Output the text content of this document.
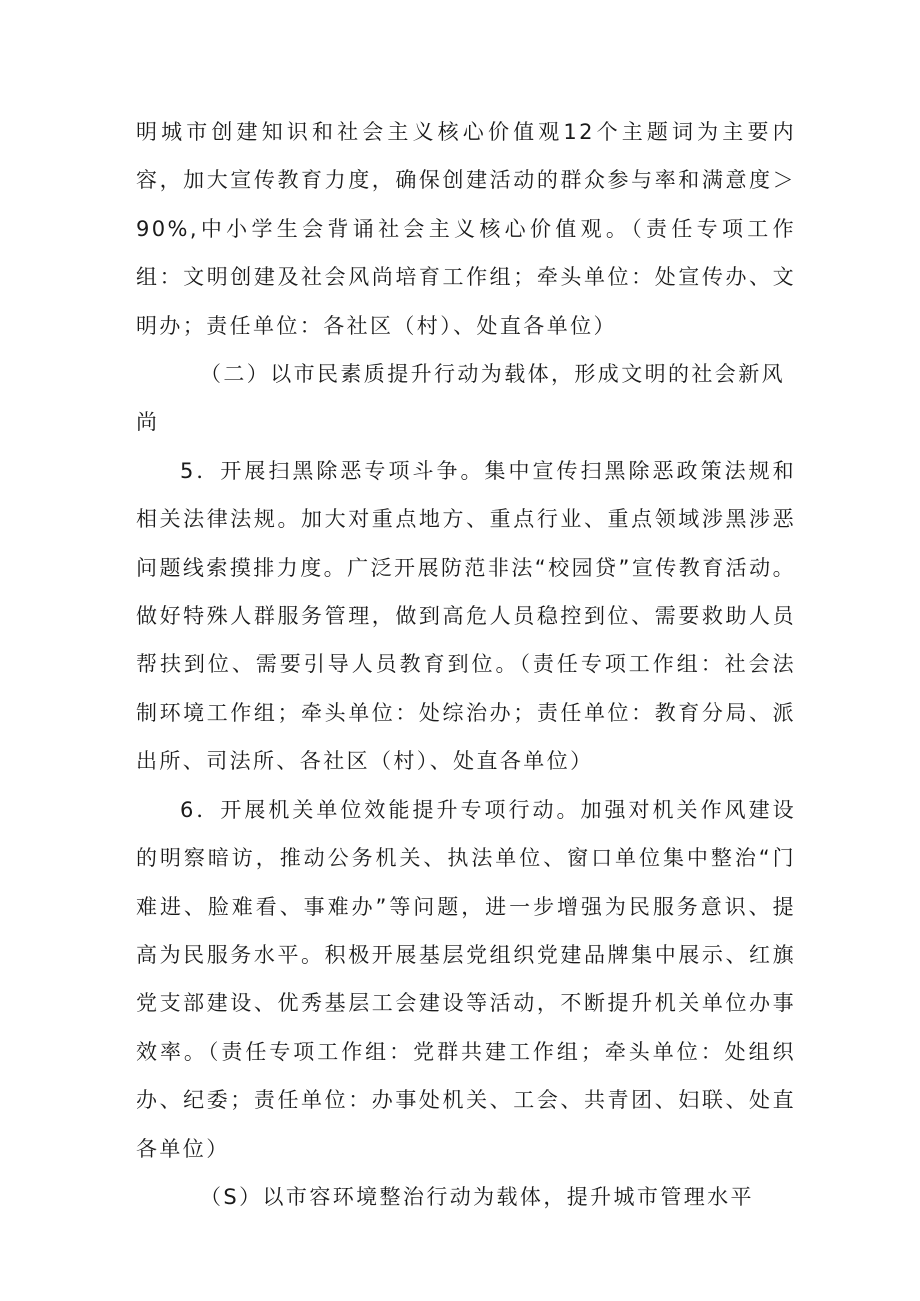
明城市创建知识和社会主义核心价值观12个主题词为主要内容，加大宣传教育力度，确保创建活动的群众参与率和满意度＞90%,中小学生会背诵社会主义核心价值观。（责任专项工作组：文明创建及社会风尚培育工作组；牵头单位：处宣传办、文明办；责任单位：各社区（村）、处直各单位）

（二）以市民素质提升行动为载体，形成文明的社会新风尚

5．开展扫黑除恶专项斗争。集中宣传扫黑除恶政策法规和相关法律法规。加大对重点地方、重点行业、重点领域涉黑涉恶问题线索摸排力度。广泛开展防范非法“校园贷”宣传教育活动。做好特殊人群服务管理，做到高危人员稳控到位、需要救助人员帮扶到位、需要引导人员教育到位。（责任专项工作组：社会法制环境工作组；牵头单位：处综治办；责任单位：教育分局、派出所、司法所、各社区（村）、处直各单位）

6．开展机关单位效能提升专项行动。加强对机关作风建设的明察暗访，推动公务机关、执法单位、窗口单位集中整治“门难进、脸难看、事难办”等问题，进一步增强为民服务意识、提高为民服务水平。积极开展基层党组织党建品牌集中展示、红旗党支部建设、优秀基层工会建设等活动，不断提升机关单位办事效率。（责任专项工作组：党群共建工作组；牵头单位：处组织办、纪委；责任单位：办事处机关、工会、共青团、妇联、处直各单位）

（S）以市容环境整治行动为载体，提升城市管理水平
